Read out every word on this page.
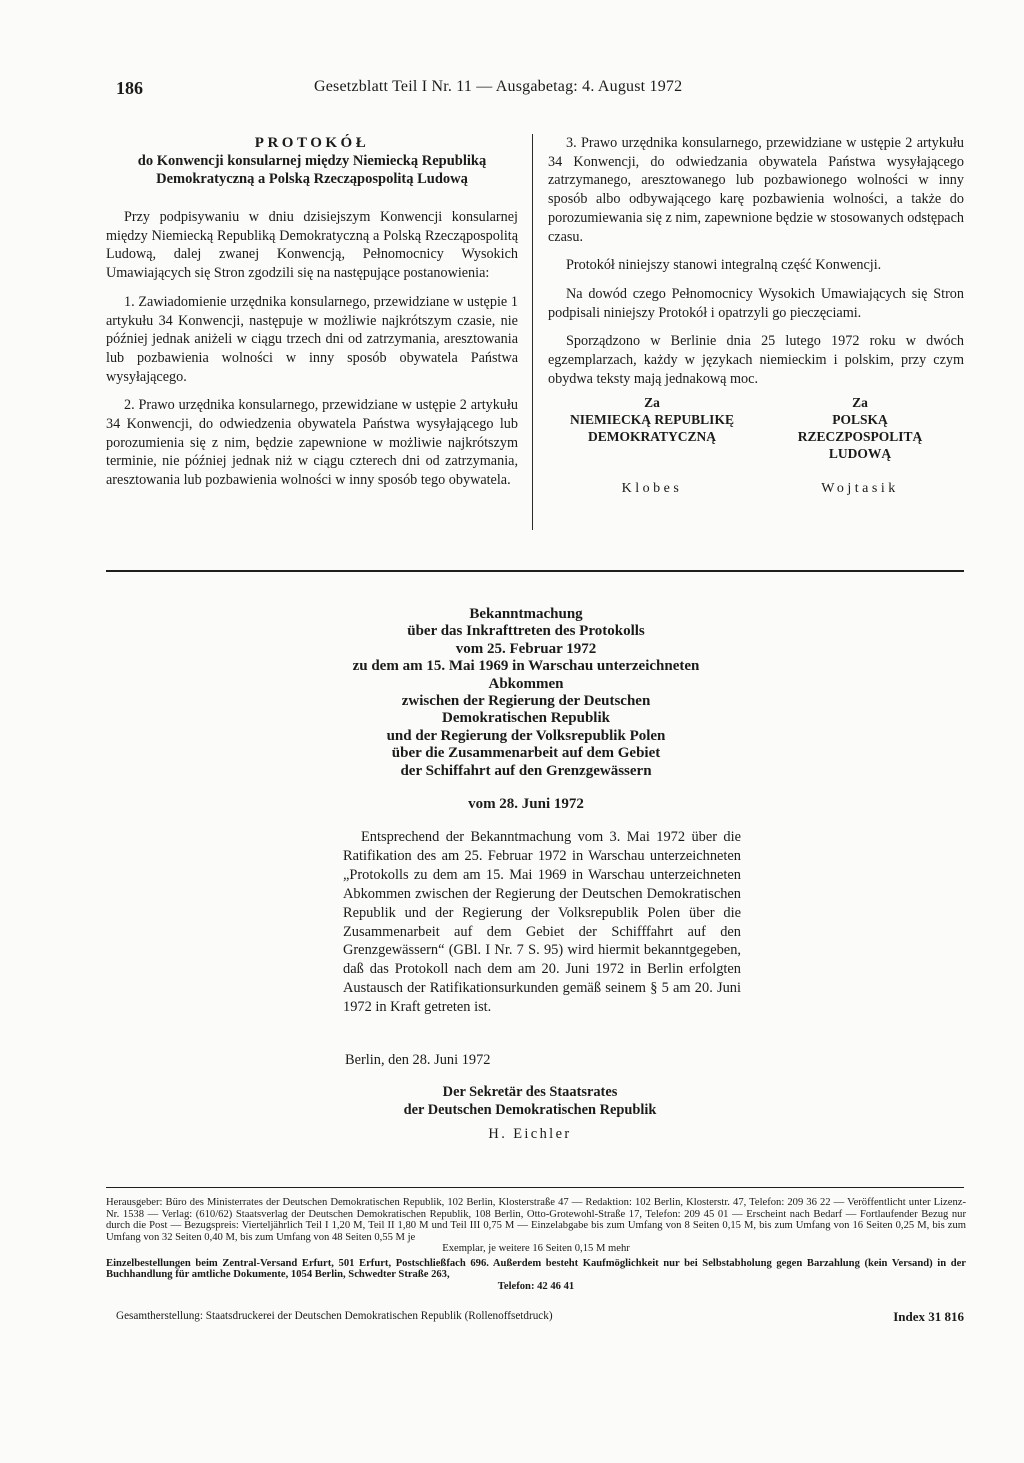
186	Gesetzblatt Teil I Nr. 11 — Ausgabetag: 4. August 1972
PROTOKÓŁ
do Konwencji konsularnej między Niemiecką Republiką
Demokratyczną a Polską Rzecząpospolitą Ludową

Przy podpisywaniu w dniu dzisiejszym Konwencji konsularnej między Niemiecką Republiką Demokratyczną a Polską Rzecząpospolitą Ludową, dalej zwanej Konwencją, Pełnomocnicy Wysokich Umawiających się Stron zgodzili się na następujące postanowienia:

1. Zawiadomienie urzędnika konsularnego, przewidziane w ustępie 1 artykułu 34 Konwencji, następuje w możliwie najkrótszym czasie, nie później jednak aniżeli w ciągu trzech dni od zatrzymania, aresztowania lub pozbawienia wolności w inny sposób obywatela Państwa wysyłającego.

2. Prawo urzędnika konsularnego, przewidziane w ustępie 2 artykułu 34 Konwencji, do odwiedzenia obywatela Państwa wysyłającego lub porozumienia się z nim, będzie zapewnione w możliwie najkrótszym terminie, nie później jednak niż w ciągu czterech dni od zatrzymania, aresztowania lub pozbawienia wolności w inny sposób tego obywatela.

3. Prawo urzędnika konsularnego, przewidziane w ustępie 2 artykułu 34 Konwencji, do odwiedzania obywatela Państwa wysyłającego zatrzymanego, aresztowanego lub pozbawionego wolności w inny sposób albo odbywającego karę pozbawienia wolności, a także do porozumiewania się z nim, zapewnione będzie w stosowanych odstępach czasu.

Protokół niniejszy stanowi integralną część Konwencji.

Na dowód czego Pełnomocnicy Wysokich Umawiających się Stron podpisali niniejszy Protokół i opatrzyli go pieczęciami.

Sporządzono w Berlinie dnia 25 lutego 1972 roku w dwóch egzemplarzach, każdy w językach niemieckim i polskim, przy czym obydwa teksty mają jednakową moc.

Za
NIEMIECKĄ REPUBLIKĘ
DEMOKRATYCZNĄ
Klobes
Za
POLSKĄ
RZECZPOSPOLITĄ
LUDOWĄ
Wojtasik
Bekanntmachung
über das Inkrafttreten des Protokolls
vom 25. Februar 1972
zu dem am 15. Mai 1969 in Warschau unterzeichneten
Abkommen
zwischen der Regierung der Deutschen
Demokratischen Republik
und der Regierung der Volksrepublik Polen
über die Zusammenarbeit auf dem Gebiet
der Schiffahrt auf den Grenzgewässern
vom 28. Juni 1972

Entsprechend der Bekanntmachung vom 3. Mai 1972 über die Ratifikation des am 25. Februar 1972 in Warschau unterzeichneten „Protokolls zu dem am 15. Mai 1969 in Warschau unterzeichneten Abkommen zwischen der Regierung der Deutschen Demokratischen Republik und der Regierung der Volksrepublik Polen über die Zusammenarbeit auf dem Gebiet der Schifffahrt auf den Grenzgewässern“ (GBl. I Nr. 7 S. 95) wird hiermit bekanntgegeben, daß das Protokoll nach dem am 20. Juni 1972 in Berlin erfolgten Austausch der Ratifikationsurkunden gemäß seinem § 5 am 20. Juni 1972 in Kraft getreten ist.

Berlin, den 28. Juni 1972
Der Sekretär des Staatsrates
der Deutschen Demokratischen Republik
H. Eichler

Herausgeber: Büro des Ministerrates der Deutschen Demokratischen Republik, 102 Berlin, Klosterstraße 47 — Redaktion: 102 Berlin, Klosterstr. 47, Telefon: 209 36 22 — Veröffentlicht unter Lizenz-Nr. 1538 — Verlag: (610/62) Staatsverlag der Deutschen Demokratischen Republik, 108 Berlin, Otto-Grotewohl-Straße 17, Telefon: 209 45 01 — Erscheint nach Bedarf — Fortlaufender Bezug nur durch die Post — Bezugspreis: Vierteljährlich Teil I 1,20 M, Teil II 1,80 M und Teil III 0,75 M — Einzelabgabe bis zum Umfang von 8 Seiten 0,15 M, bis zum Umfang von 16 Seiten 0,25 M, bis zum Umfang von 32 Seiten 0,40 M, bis zum Umfang von 48 Seiten 0,55 M je

Exemplar, je weitere 16 Seiten 0,15 M mehr

Einzelbestellungen beim Zentral-Versand Erfurt, 501 Erfurt, Postschließfach 696. Außerdem besteht Kaufmöglichkeit nur bei Selbstabholung gegen Barzahlung (kein Versand) in der Buchhandlung für amtliche Dokumente, 1054 Berlin, Schwedter Straße 263,

Telefon: 42 46 41

Gesamtherstellung: Staatsdruckerei der Deutschen Demokratischen Republik (Rollenoffsetdruck)	Index 31 816
